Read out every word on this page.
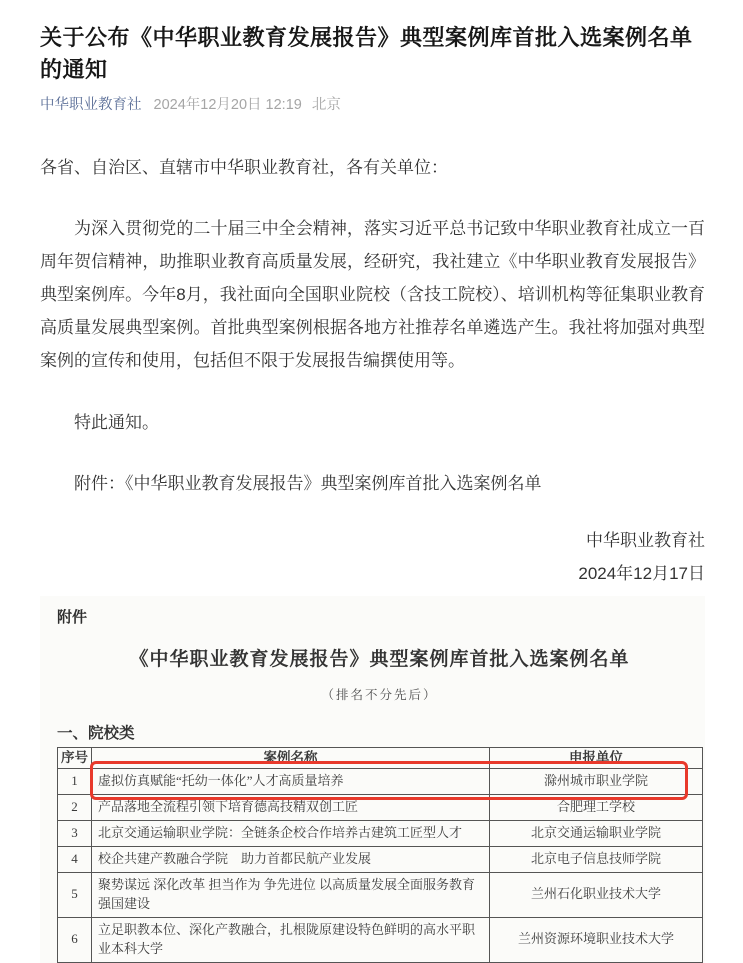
关于公布《中华职业教育发展报告》典型案例库首批入选案例名单的通知
中华职业教育社 2024年12月20日 12:19 北京

各省、自治区、直辖市中华职业教育社，各有关单位：

为深入贯彻党的二十届三中全会精神，落实习近平总书记致中华职业教育社成立一百周年贺信精神，助推职业教育高质量发展，经研究，我社建立《中华职业教育发展报告》典型案例库。今年8月，我社面向全国职业院校（含技工院校）、培训机构等征集职业教育高质量发展典型案例。首批典型案例根据各地方社推荐名单遴选产生。我社将加强对典型案例的宣传和使用，包括但不限于发展报告编撰使用等。

特此通知。

附件：《中华职业教育发展报告》典型案例库首批入选案例名单

中华职业教育社
2024年12月17日
附件
《中华职业教育发展报告》典型案例库首批入选案例名单
（排名不分先后）
一、院校类
序号	案例名称	申报单位
1	虚拟仿真赋能“托幼一体化”人才高质量培养	滁州城市职业学院
2	产品落地全流程引领下培育德高技精双创工匠	合肥理工学校
3	北京交通运输职业学院：全链条企校合作培养古建筑工匠型人才	北京交通运输职业学院
4	校企共建产教融合学院　助力首都民航产业发展	北京电子信息技师学院
5	聚势谋远 深化改革 担当作为 争先进位 以高质量发展全面服务教育强国建设	兰州石化职业技术大学
6	立足职教本位、深化产教融合，扎根陇原建设特色鲜明的高水平职业本科大学	兰州资源环境职业技术大学
